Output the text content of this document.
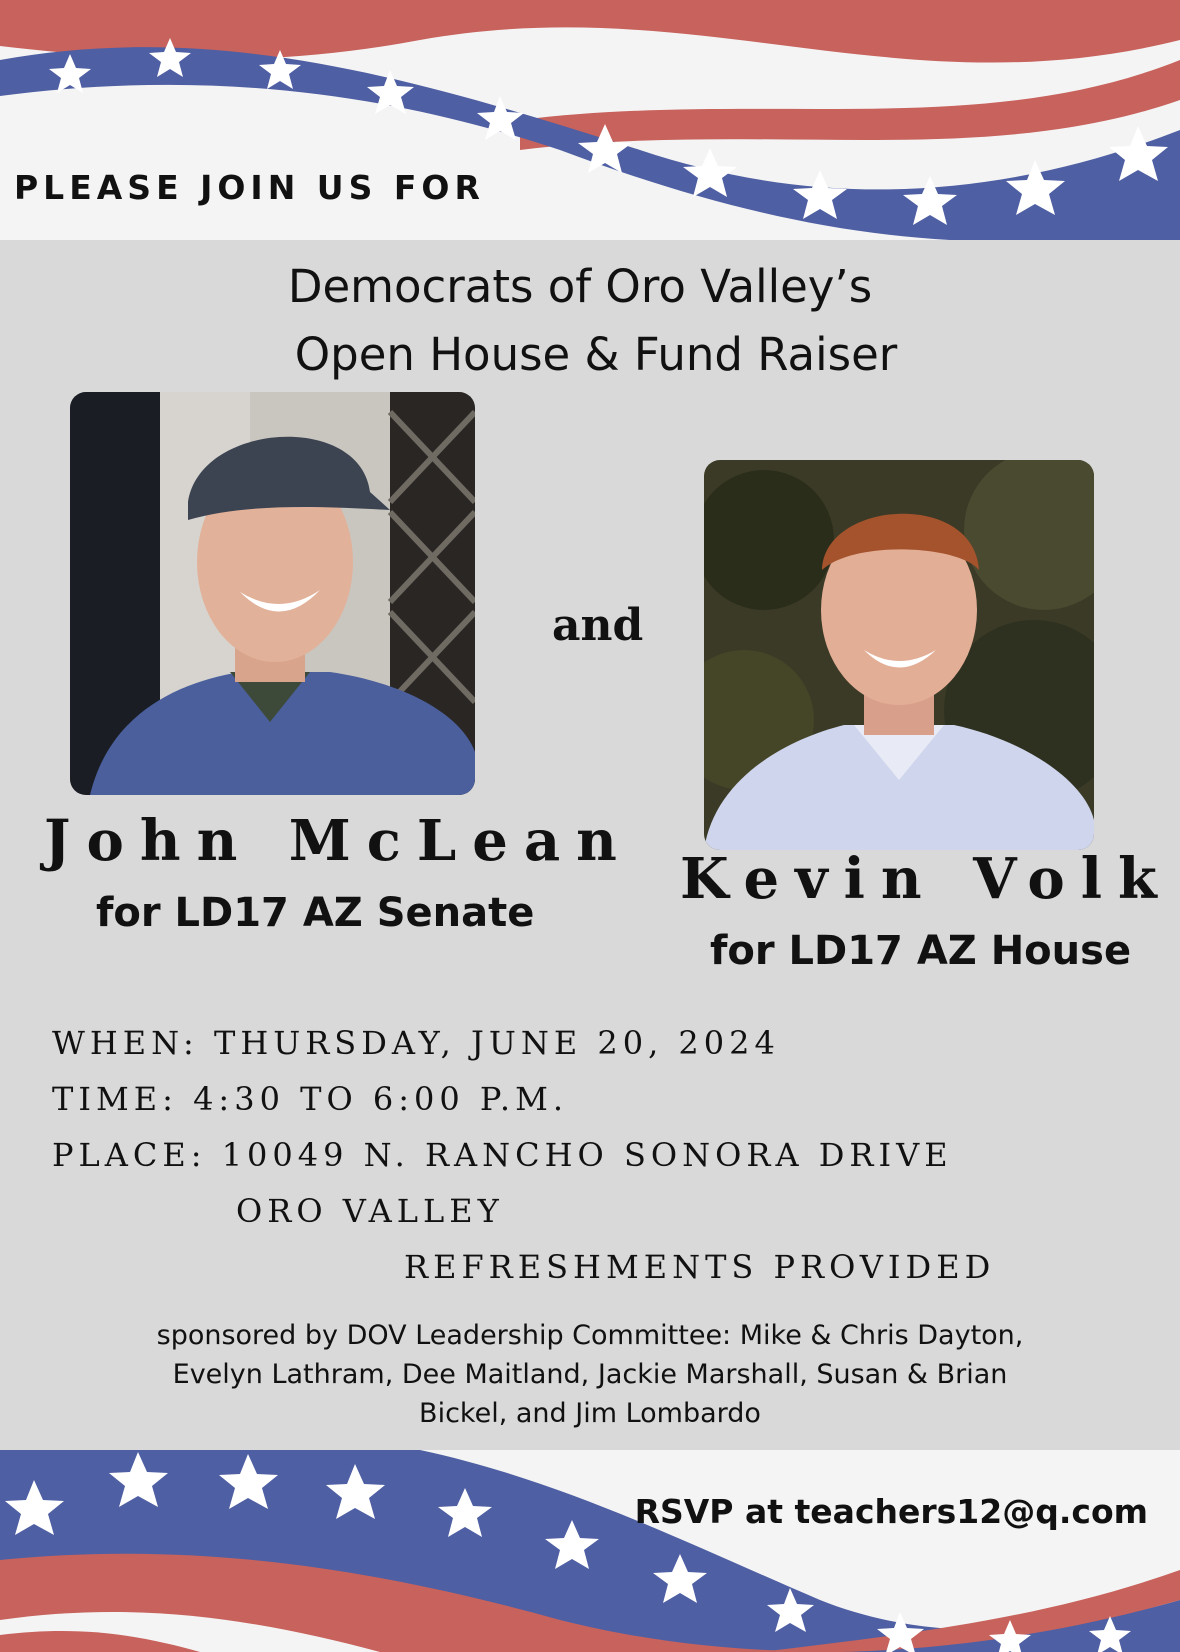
PLEASE JOIN US FOR

Democrats of Oro Valley’s

Open House & Fund Raiser

and

John McLean

for LD17 AZ Senate

Kevin Volk

for LD17 AZ House

WHEN: THURSDAY, JUNE 20, 2024

TIME: 4:30 TO 6:00 P.M.

PLACE: 10049 N. RANCHO SONORA DRIVE

ORO VALLEY

REFRESHMENTS PROVIDED

sponsored by DOV Leadership Committee: Mike & Chris Dayton,
Evelyn Lathram, Dee Maitland, Jackie Marshall, Susan & Brian
Bickel, and Jim Lombardo

RSVP at teachers12@q.com
